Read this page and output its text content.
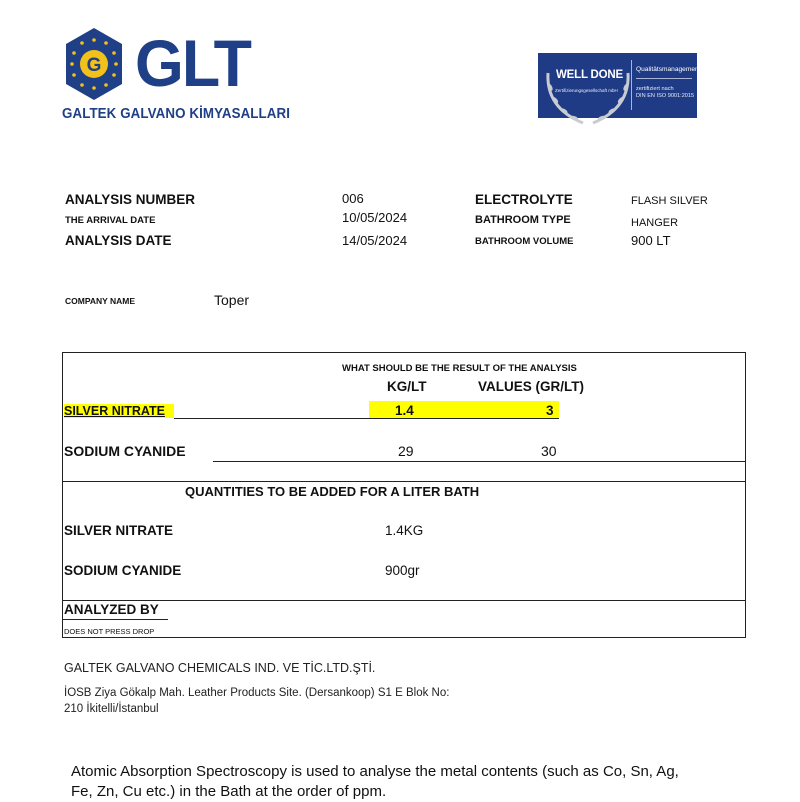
G GLT
GALTEK GALVANO KİMYASALLARI
WELL DONE
Zertifizierungsgesellschaft mbH
Qualitätsmanagement
zertifiziert nach
DIN EN ISO 9001:2015
ANALYSIS NUMBER	006
THE ARRIVAL DATE	10/05/2024
ANALYSIS DATE	14/05/2024
ELECTROLYTE	FLASH SILVER
BATHROOM TYPE	HANGER
BATHROOM VOLUME	900 LT
COMPANY NAME	Toper
WHAT SHOULD BE THE RESULT OF THE ANALYSIS
KG/LT	VALUES (GR/LT)
SILVER NITRATE	1.4	3
SODIUM CYANIDE	29	30
QUANTITIES TO BE ADDED FOR A LITER BATH
SILVER NITRATE	1.4KG
SODIUM CYANIDE	900gr
ANALYZED BY
DOES NOT PRESS DROP
GALTEK GALVANO CHEMICALS IND. VE TİC.LTD.ŞTİ.
İOSB Ziya Gökalp Mah. Leather Products Site. (Dersankoop) S1 E Blok No:
210 İkitelli/İstanbul
Atomic Absorption Spectroscopy is used to analyse the metal contents (such as Co, Sn, Ag,
Fe, Zn, Cu etc.) in the Bath at the order of ppm.
